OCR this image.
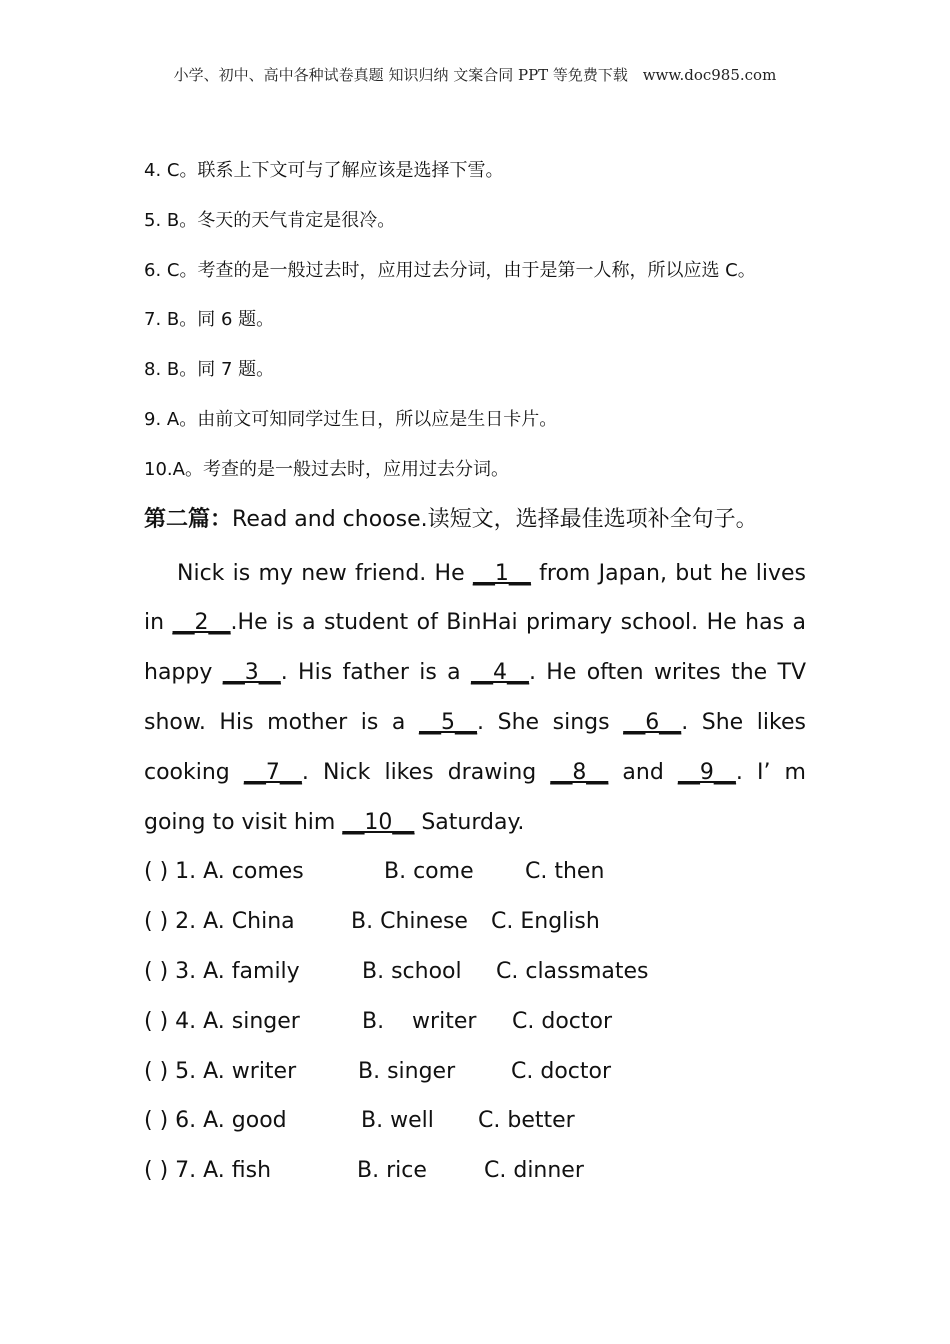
小学、初中、高中各种试卷真题 知识归纳 文案合同 PPT 等免费下载 www.doc985.com
4. C。联系上下文可与了解应该是选择下雪。
5. B。冬天的天气肯定是很冷。
6. C。考查的是一般过去时，应用过去分词，由于是第一人称，所以应选 C。
7. B。同 6 题。
8. B。同 7 题。
9. A。由前文可知同学过生日，所以应是生日卡片。
10.A。考查的是一般过去时，应用过去分词。
第二篇：Read and choose.读短文，选择最佳选项补全句子。
Nick is my new friend. He __1__ from Japan, but he lives in __2__.He is a student of BinHai primary school. He has a happy __3__. His father is a __4__. He often writes the TV show. His mother is a __5__. She sings __6__. She likes cooking __7__. Nick likes drawing __8__ and __9__. I’ m going to visit him __10__ Saturday.
( ) 1. A. comes	B. come C. then
( ) 2. A. China	B. Chinese C. English
( ) 3. A. family	B. school C. classmates
( ) 4. A. singer	B.    writer C. doctor
( ) 5. A. writer	B. singer	C. doctor
( ) 6. A. good	B. well C. better
( ) 7. A. fish	B. rice	C. dinner
